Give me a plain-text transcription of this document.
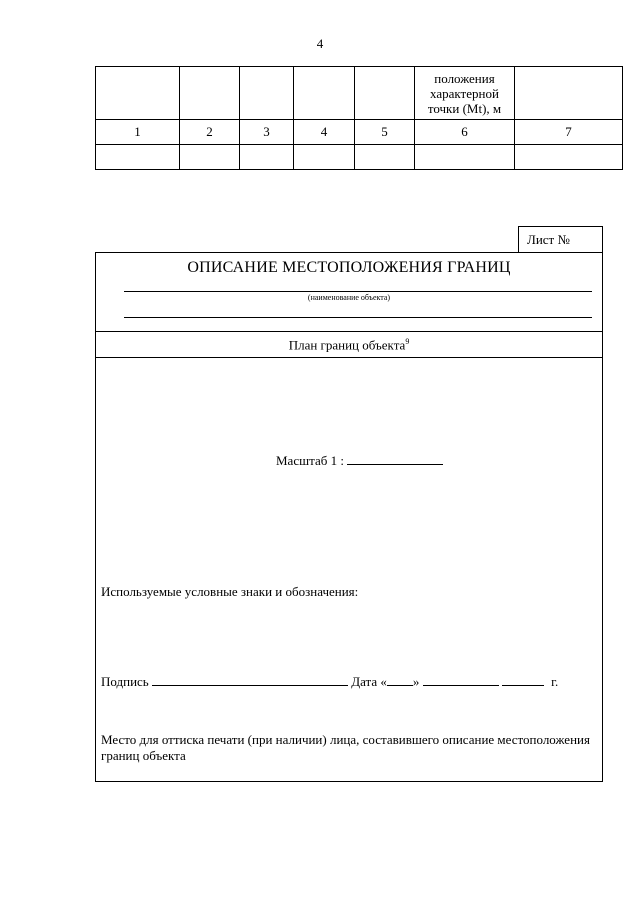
4
					положения характерной точки (Mt), м	
1	2	3	4	5	6	7

Лист №
ОПИСАНИЕ МЕСТОПОЛОЖЕНИЯ ГРАНИЦ
(наименование объекта)
План границ объекта$^9$
Масштаб 1 :
Используемые условные знаки и обозначения:
Подпись	Дата « »	г.
Место для оттиска печати (при наличии) лица, составившего описание местоположения границ объекта
